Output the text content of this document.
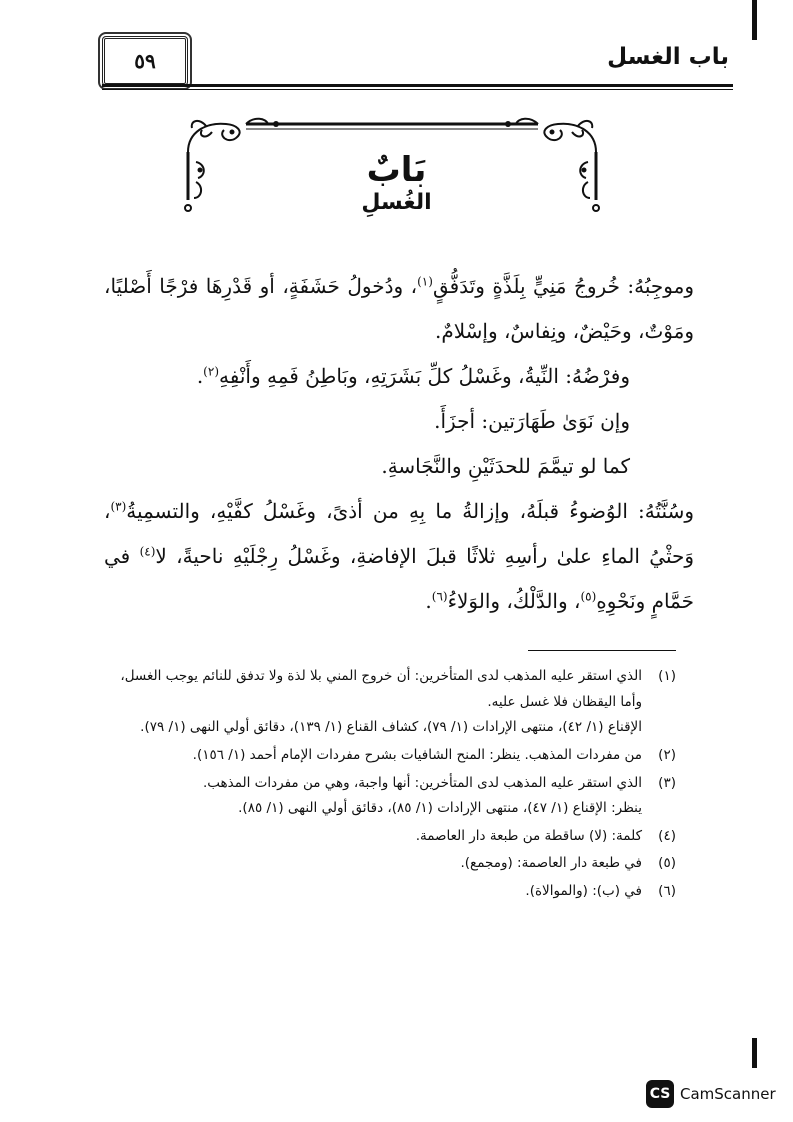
باب الغسل
٥٩
بَابٌ
الغُسلِ

وموجِبُهُ: خُروجُ مَنِيٍّ بِلَذَّةٍ وتَدَفُّقٍ$^{(١)}$، ودُخولُ حَشَفَةٍ، أو قَدْرِهَا فرْجًا أَصْليًا، ومَوْتٌ، وحَيْضٌ، ونِفاسٌ، وإسْلامٌ.

وفرْضُهُ: النِّيةُ، وغَسْلُ كلِّ بَشَرَتِهِ، وبَاطِنُ فَمِهِ وأَنْفِهِ$^{(٢)}$.

وإن نَوَىٰ طَهَارَتين: أجزَأَ.

كما لو تيمَّمَ للحدَثَيْنِ والنَّجَاسةِ.

وسُنَّتُهُ: الوُضوءُ قبلَهُ، وإزالةُ ما بِهِ من أذىً، وغَسْلُ كفَّيْهِ، والتسمِيةُ$^{(٣)}$، وَحثْيُ الماءِ علىٰ رأسِهِ ثلاثًا قبلَ الإفاضةِ، وغَسْلُ رِجْلَيْهِ ناحيةً، لا$^{(٤)}$ في حَمَّامٍ ونَحْوِهِ$^{(٥)}$، والدَّلْكُ، والوَلاءُ$^{(٦)}$.

(١)
الذي استقر عليه المذهب لدى المتأخرين: أن خروج المني بلا لذة ولا تدفق للنائم يوجب الغسل، وأما اليقظان فلا غسل عليه.
الإقناع (١/ ٤٢)، منتهى الإرادات (١/ ٧٩)، كشاف القناع (١/ ١٣٩)، دقائق أولي النهى (١/ ٧٩).
(٢)
من مفردات المذهب. ينظر: المنح الشافيات بشرح مفردات الإمام أحمد (١/ ١٥٦).
(٣)
الذي استقر عليه المذهب لدى المتأخرين: أنها واجبة، وهي من مفردات المذهب.
ينظر: الإقناع (١/ ٤٧)، منتهى الإرادات (١/ ٨٥)، دقائق أولي النهى (١/ ٨٥).
(٤)
كلمة: (لا) ساقطة من طبعة دار العاصمة.
(٥)
في طبعة دار العاصمة: (ومجمع).
(٦)
في (ب): (والموالاة).
CS CamScanner
